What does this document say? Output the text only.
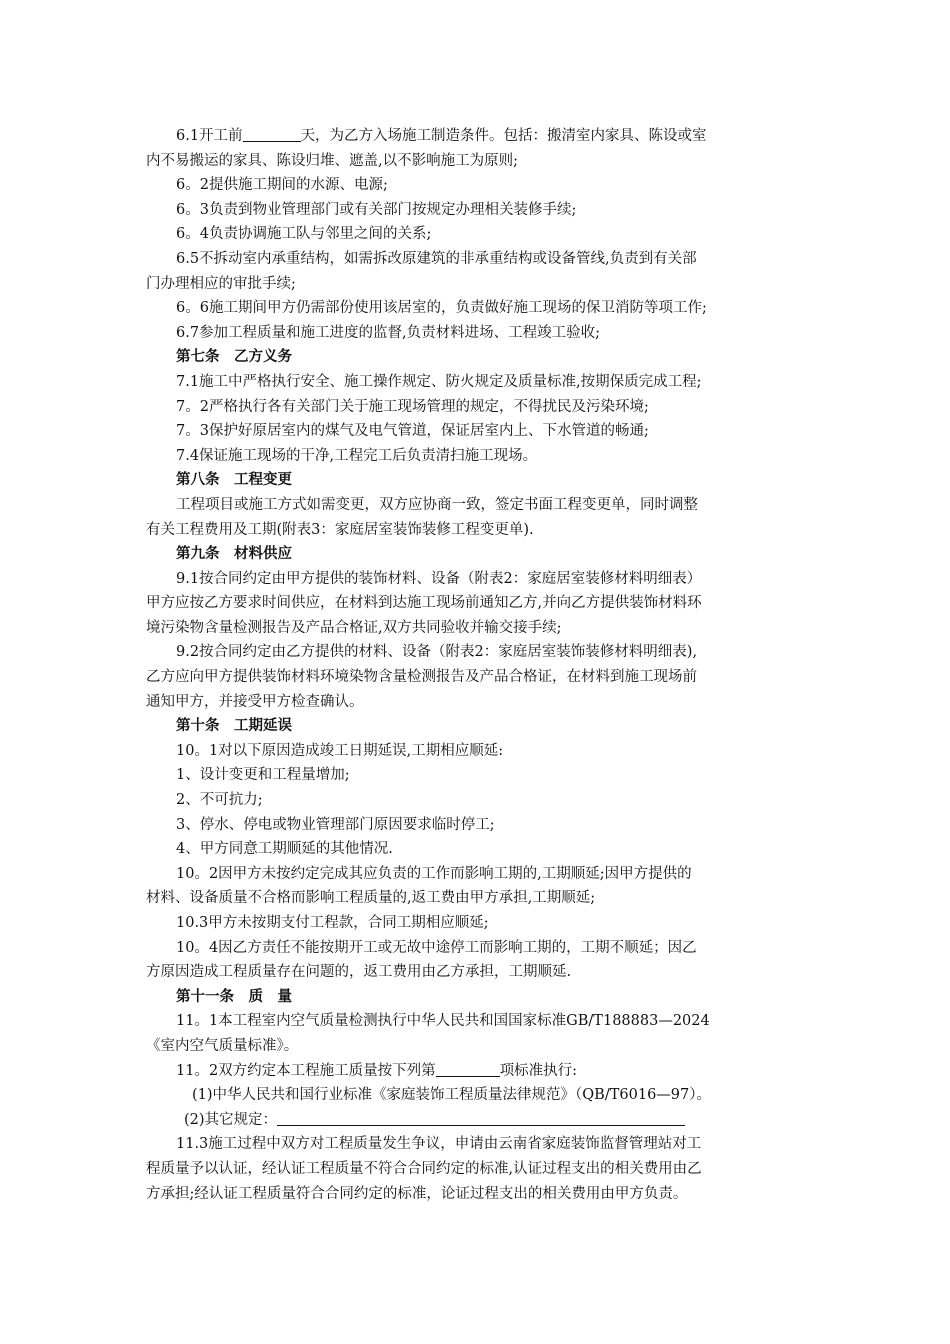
6.1开工前	天，为乙方入场施工制造条件。包括：搬清室内家具、陈设或室
内不易搬运的家具、陈设归堆、遮盖,以不影响施工为原则;
6。2提供施工期间的水源、电源;
6。3负责到物业管理部门或有关部门按规定办理相关装修手续;
6。4负责协调施工队与邻里之间的关系;
6.5不拆动室内承重结构，如需拆改原建筑的非承重结构或设备管线,负责到有关部
门办理相应的审批手续;
6。6施工期间甲方仍需部份使用该居室的，负责做好施工现场的保卫消防等项工作;
6.7参加工程质量和施工进度的监督,负责材料进场、工程竣工验收;
第七条　乙方义务
7.1施工中严格执行安全、施工操作规定、防火规定及质量标准,按期保质完成工程;
7。2严格执行各有关部门关于施工现场管理的规定，不得扰民及污染环境;
7。3保护好原居室内的煤气及电气管道，保证居室内上、下水管道的畅通;
7.4保证施工现场的干净,工程完工后负责清扫施工现场。
第八条　工程变更
工程项目或施工方式如需变更，双方应协商一致，签定书面工程变更单，同时调整
有关工程费用及工期(附表3：家庭居室装饰装修工程变更单).
第九条　材料供应
9.1按合同约定由甲方提供的装饰材料、设备（附表2：家庭居室装修材料明细表）
甲方应按乙方要求时间供应，在材料到达施工现场前通知乙方,并向乙方提供装饰材料环
境污染物含量检测报告及产品合格证,双方共同验收并输交接手续;
9.2按合同约定由乙方提供的材料、设备（附表2：家庭居室装饰装修材料明细表),
乙方应向甲方提供装饰材料环境染物含量检测报告及产品合格证，在材料到施工现场前
通知甲方，并接受甲方检查确认。
第十条　工期延误
10。1对以下原因造成竣工日期延误,工期相应顺延:
1、设计变更和工程量增加;
2、不可抗力;
3、停水、停电或物业管理部门原因要求临时停工;
4、甲方同意工期顺延的其他情况.
10。2因甲方未按约定完成其应负责的工作而影响工期的,工期顺延;因甲方提供的
材料、设备质量不合格而影响工程质量的,返工费由甲方承担,工期顺延;
10.3甲方未按期支付工程款，合同工期相应顺延;
10。4因乙方责任不能按期开工或无故中途停工而影响工期的，工期不顺延；因乙
方原因造成工程质量存在问题的，返工费用由乙方承担，工期顺延.
第十一条　质　量
11。1本工程室内空气质量检测执行中华人民共和国国家标准GB/T188883—2024
《室内空气质量标准》。
11。2双方约定本工程施工质量按下列第	项标准执行:
(1)中华人民共和国行业标准《家庭装饰工程质量法律规范》（QB/T6016—97）。
(2)其它规定：
11.3施工过程中双方对工程质量发生争议，申请由云南省家庭装饰监督管理站对工
程质量予以认证，经认证工程质量不符合合同约定的标准,认证过程支出的相关费用由乙
方承担;经认证工程质量符合合同约定的标准，论证过程支出的相关费用由甲方负责。
